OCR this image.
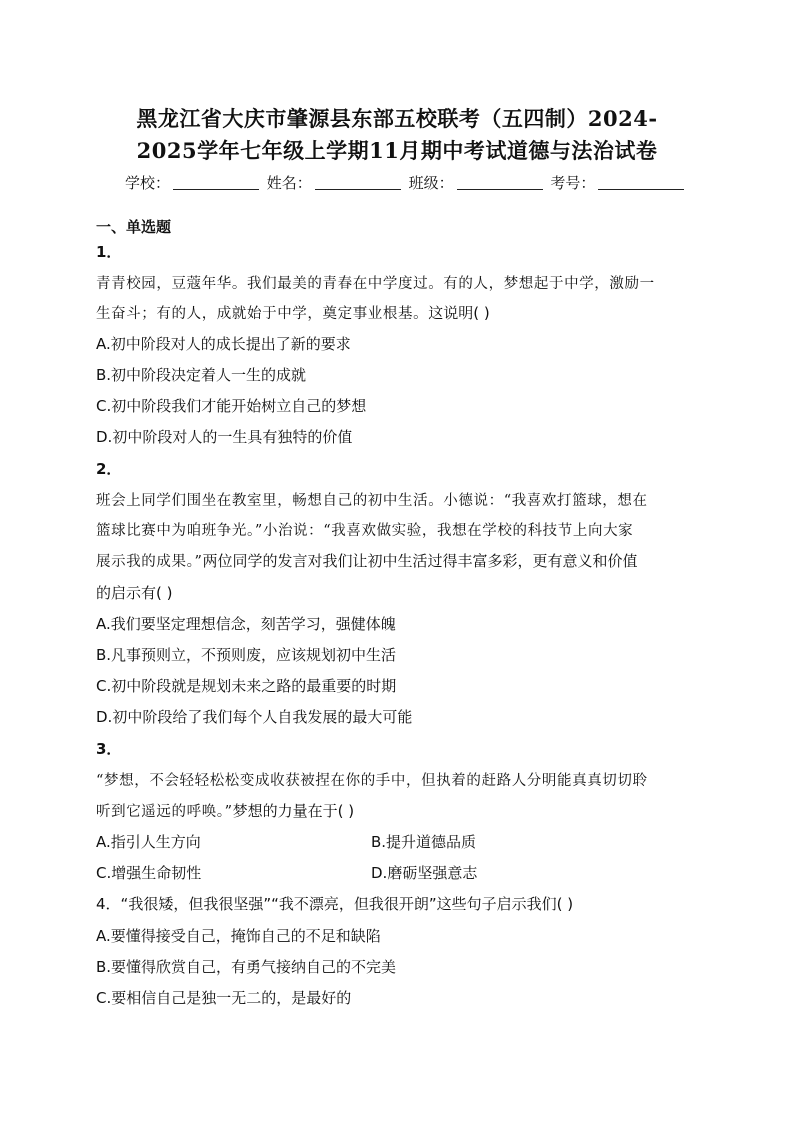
黑龙江省大庆市肇源县东部五校联考（五四制）2024-
2025学年七年级上学期11月期中考试道德与法治试卷
学校：	姓名：	班级：	考号：
一、单选题
1．
青青校园，豆蔻年华。我们最美的青春在中学度过。有的人，梦想起于中学，激励一
生奋斗；有的人，成就始于中学，奠定事业根基。这说明( )
A.初中阶段对人的成长提出了新的要求
B.初中阶段决定着人一生的成就
C.初中阶段我们才能开始树立自己的梦想
D.初中阶段对人的一生具有独特的价值
2．
班会上同学们围坐在教室里，畅想自己的初中生活。小德说：“我喜欢打篮球，想在
篮球比赛中为咱班争光。”小治说：“我喜欢做实验，我想在学校的科技节上向大家
展示我的成果。”两位同学的发言对我们让初中生活过得丰富多彩，更有意义和价值
的启示有( )
A.我们要坚定理想信念，刻苦学习，强健体魄
B.凡事预则立，不预则废，应该规划初中生活
C.初中阶段就是规划未来之路的最重要的时期
D.初中阶段给了我们每个人自我发展的最大可能
3．
“梦想，不会轻轻松松变成收获被捏在你的手中，但执着的赶路人分明能真真切切聆
听到它遥远的呼唤。”梦想的力量在于( )
A.指引人生方向	B.提升道德品质
C.增强生命韧性	D.磨砺坚强意志
4．“我很矮，但我很坚强”“我不漂亮，但我很开朗”这些句子启示我们( )
A.要懂得接受自己，掩饰自己的不足和缺陷
B.要懂得欣赏自己，有勇气接纳自己的不完美
C.要相信自己是独一无二的，是最好的
